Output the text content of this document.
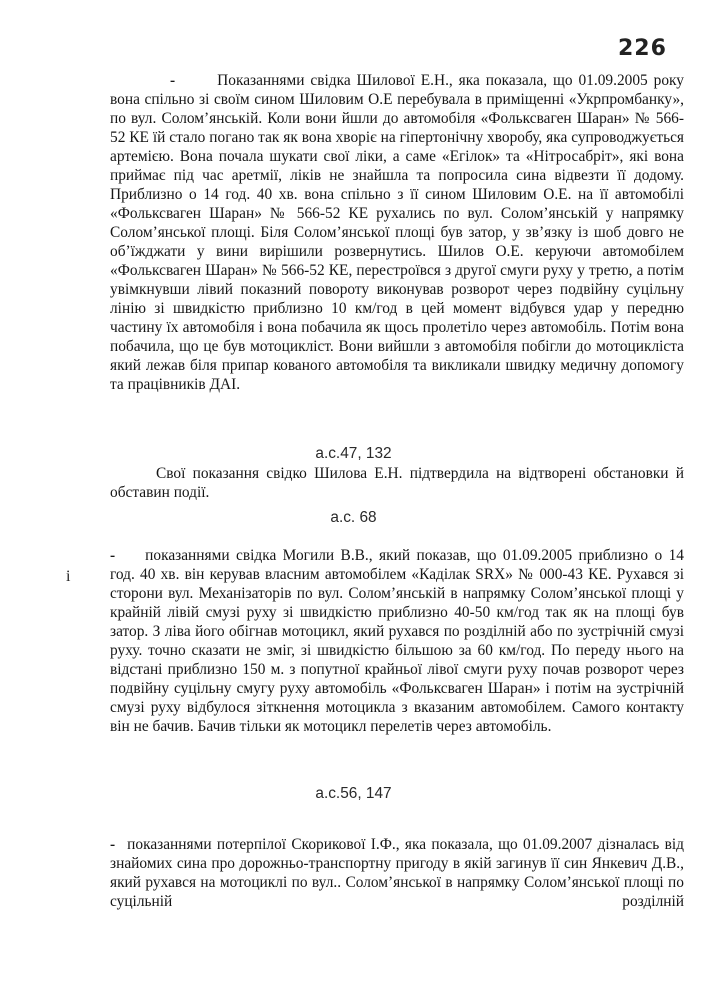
226
і

-	Показаннями свідка Шилової Е.Н., яка показала, що 01.09.2005 року вона спільно зі своїм сином Шиловим О.Е перебувала в приміщенні «Укрпромбанку», по вул. Солом’янській. Коли вони йшли до автомобіля «Фольксваген Шаран» № 566-52 КЕ їй стало погано так як вона хворіє на гіпертонічну хворобу, яка супроводжується артемією. Вона почала шукати свої ліки, а саме «Егілок» та «Нітросабріт», які вона приймає під час аретмії, ліків не знайшла та попросила сина відвезти її додому. Приблизно о 14 год. 40 хв. вона спільно з її сином Шиловим О.Е. на її автомобілі «Фольксваген Шаран» № 566-52 КЕ рухались по вул. Солом’янській у напрямку Солом’янської площі. Біля Солом’янської площі був затор, у зв’язку із шоб довго не об’їжджати у вини вирішили розвернутись. Шилов О.Е. керуючи автомобілем «Фольксваген Шаран» № 566-52 КЕ, перестроївся з другої смуги руху у третю, а потім увімкнувши лівий показний повороту виконував розворот через подвійну суцільну лінію зі швидкістю приблизно 10 км/год в цей момент відбувся удар у передню частину їх автомобіля і вона побачила як щось пролетіло через автомобіль. Потім вона побачила, що це був мотоцикліст. Вони вийшли з автомобіля побігли до мотоцикліста який лежав біля припар кованого автомобіля та викликали швидку медичну допомогу та працівників ДАІ.

а.с.47, 132

Свої показання свідко Шилова Е.Н. підтвердила на відтворені обстановки й обставин події.

а.с. 68

- показаннями свідка Могили В.В., який показав, що 01.09.2005 приблизно о 14 год. 40 хв. він керував власним автомобілем «Каділак SRX» № 000-43 КЕ. Рухався зі сторони вул. Механізаторів по вул. Солом’янській в напрямку Солом’янської площі у крайній лівій смузі руху зі швидкістю приблизно 40-50 км/год так як на площі був затор. З ліва його обігнав мотоцикл, який рухався по розділній або по зустрічній смузі руху. точно сказати не зміг, зі швидкістю більшою за 60 км/год. По переду нього на відстані приблизно 150 м. з попутної крайньої лівої смуги руху почав розворот через подвійну суцільну смугу руху автомобіль «Фольксваген Шаран» і потім на зустрічній смузі руху відбулося зіткнення мотоцикла з вказаним автомобілем. Самого контакту він не бачив. Бачив тільки як мотоцикл перелетів через автомобіль.

а.с.56, 147

- показаннями потерпілої Скорикової І.Ф., яка показала, що 01.09.2007 дізналась від знайомих сина про дорожньо-транспортну пригоду в якій загинув її син Янкевич Д.В., який рухався на мотоциклі по вул.. Солом’янської в напрямку Солом’янської площі по суцільній розділній
